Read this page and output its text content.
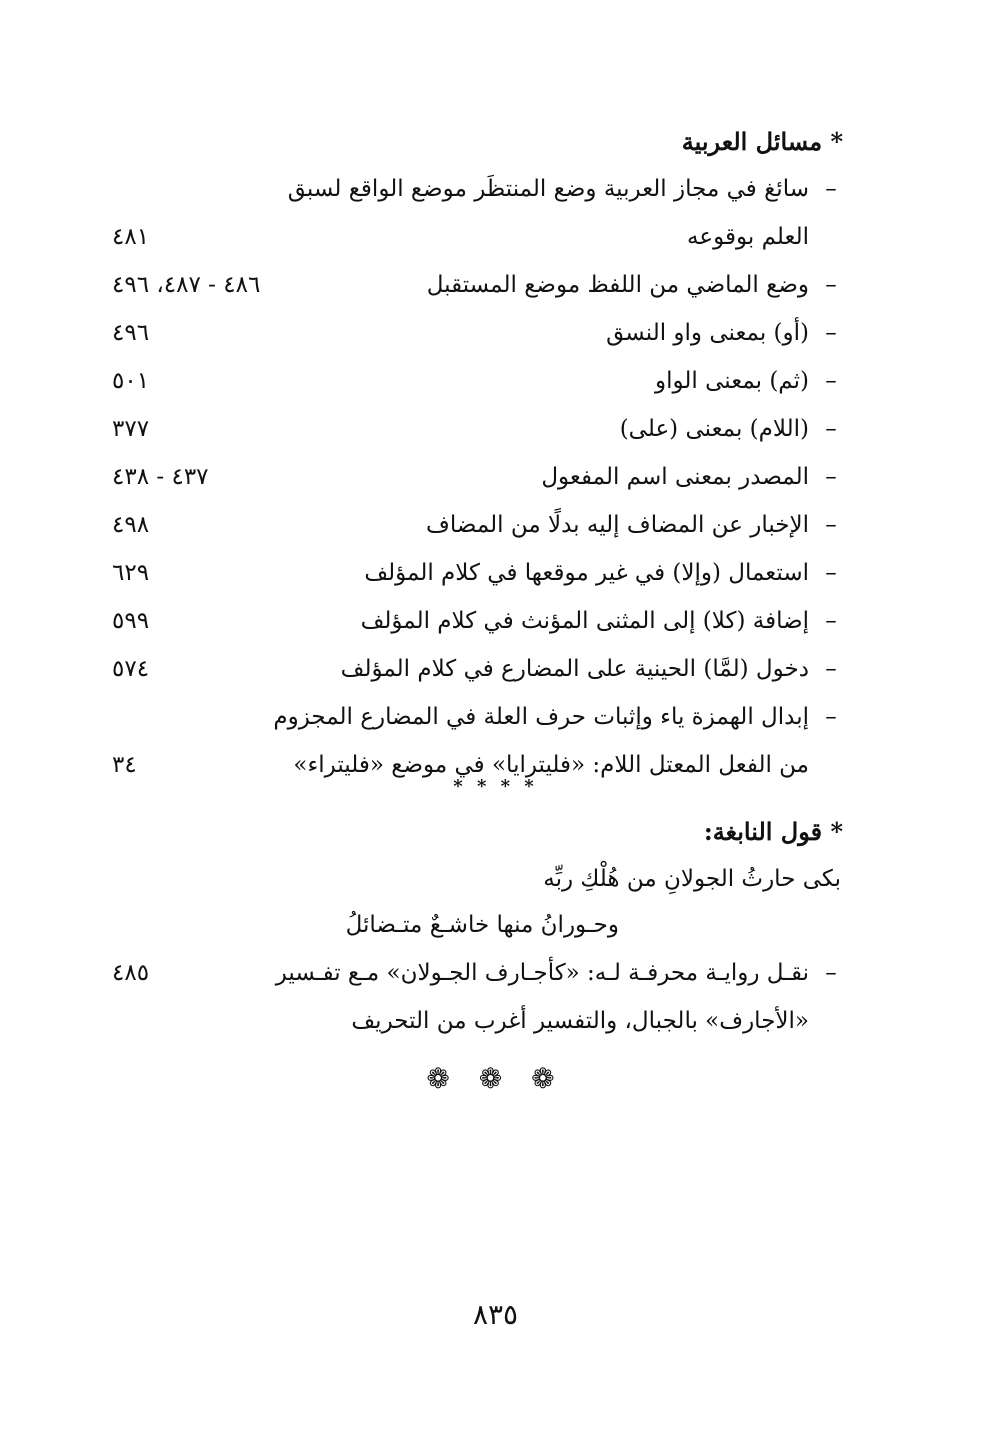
* مسائل العربية
–
سائغ في مجاز العربية وضع المنتظَر موضع الواقع لسبق
العلم بوقوعه
٤٨١
–
وضع الماضي من اللفظ موضع المستقبل
٤٨٦ - ٤٨٧، ٤٩٦
–
(أو) بمعنى واو النسق
٤٩٦
–
(ثم) بمعنى الواو
٥٠١
–
(اللام) بمعنى (على)
٣٧٧
–
المصدر بمعنى اسم المفعول
٤٣٧ - ٤٣٨
–
الإخبار عن المضاف إليه بدلًا من المضاف
٤٩٨
–
استعمال (وإلا) في غير موقعها في كلام المؤلف
٦٢٩
–
إضافة (كلا) إلى المثنى المؤنث في كلام المؤلف
٥٩٩
–
دخول (لمَّا) الحينية على المضارع في كلام المؤلف
٥٧٤
–
إبدال الهمزة ياء وإثبات حرف العلة في المضارع المجزوم
من الفعل المعتل اللام: «فليترايا» في موضع «فليتراء»
٣٤
* * * *
* قول النابغة:
بكى حارثُ الجولانِ من هُلْكِ ربِّه
وحـورانُ منها خاشـعٌ متـضائلُ
–
نقـل روايـة محرفـة لـه: «كأجـارف الجـولان» مـع تفـسير
«الأجارف» بالجبال، والتفسير أغرب من التحريف
٤٨٥
❁ ❁ ❁
٨٣٥
